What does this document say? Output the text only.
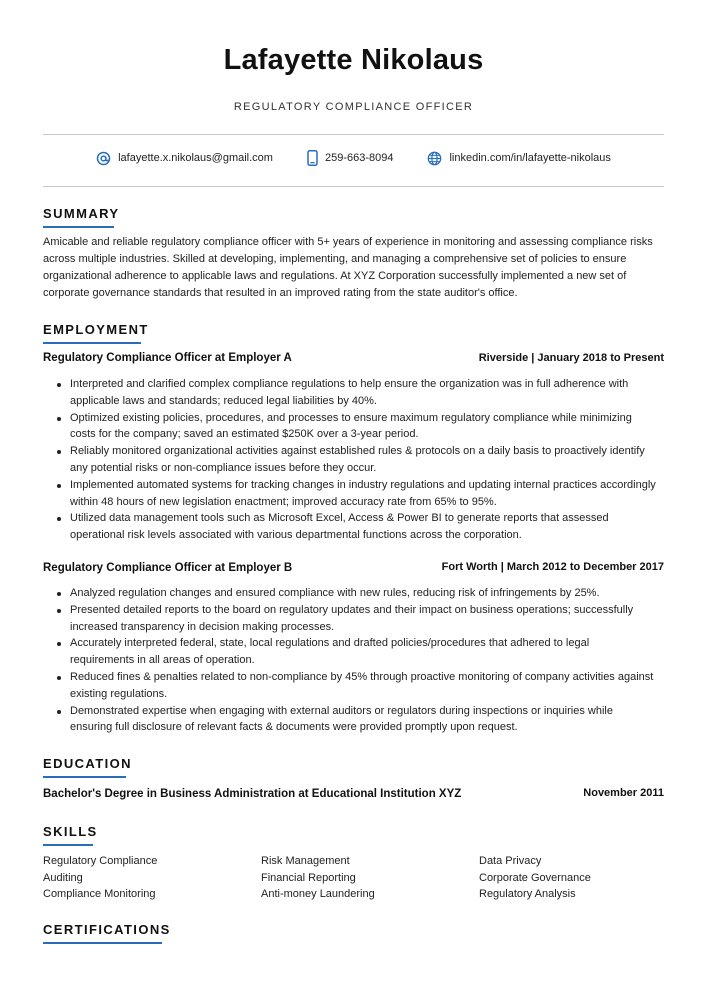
Lafayette Nikolaus
REGULATORY COMPLIANCE OFFICER
lafayette.x.nikolaus@gmail.com	259-663-8094	linkedin.com/in/lafayette-nikolaus
SUMMARY
Amicable and reliable regulatory compliance officer with 5+ years of experience in monitoring and assessing compliance risks across multiple industries. Skilled at developing, implementing, and managing a comprehensive set of policies to ensure organizational adherence to applicable laws and regulations. At XYZ Corporation successfully implemented a new set of corporate governance standards that resulted in an improved rating from the state auditor's office.
EMPLOYMENT
Regulatory Compliance Officer at Employer A	Riverside | January 2018 to Present
Interpreted and clarified complex compliance regulations to help ensure the organization was in full adherence with applicable laws and standards; reduced legal liabilities by 40%.
Optimized existing policies, procedures, and processes to ensure maximum regulatory compliance while minimizing costs for the company; saved an estimated $250K over a 3-year period.
Reliably monitored organizational activities against established rules & protocols on a daily basis to proactively identify any potential risks or non-compliance issues before they occur.
Implemented automated systems for tracking changes in industry regulations and updating internal practices accordingly within 48 hours of new legislation enactment; improved accuracy rate from 65% to 95%.
Utilized data management tools such as Microsoft Excel, Access & Power BI to generate reports that assessed operational risk levels associated with various departmental functions across the corporation.
Regulatory Compliance Officer at Employer B	Fort Worth | March 2012 to December 2017
Analyzed regulation changes and ensured compliance with new rules, reducing risk of infringements by 25%.
Presented detailed reports to the board on regulatory updates and their impact on business operations; successfully increased transparency in decision making processes.
Accurately interpreted federal, state, local regulations and drafted policies/procedures that adhered to legal requirements in all areas of operation.
Reduced fines & penalties related to non-compliance by 45% through proactive monitoring of company activities against existing regulations.
Demonstrated expertise when engaging with external auditors or regulators during inspections or inquiries while ensuring full disclosure of relevant facts & documents were provided promptly upon request.
EDUCATION
Bachelor's Degree in Business Administration at Educational Institution XYZ	November 2011
SKILLS
Regulatory Compliance	Risk Management	Data Privacy
Auditing	Financial Reporting	Corporate Governance
Compliance Monitoring	Anti-money Laundering	Regulatory Analysis
CERTIFICATIONS
